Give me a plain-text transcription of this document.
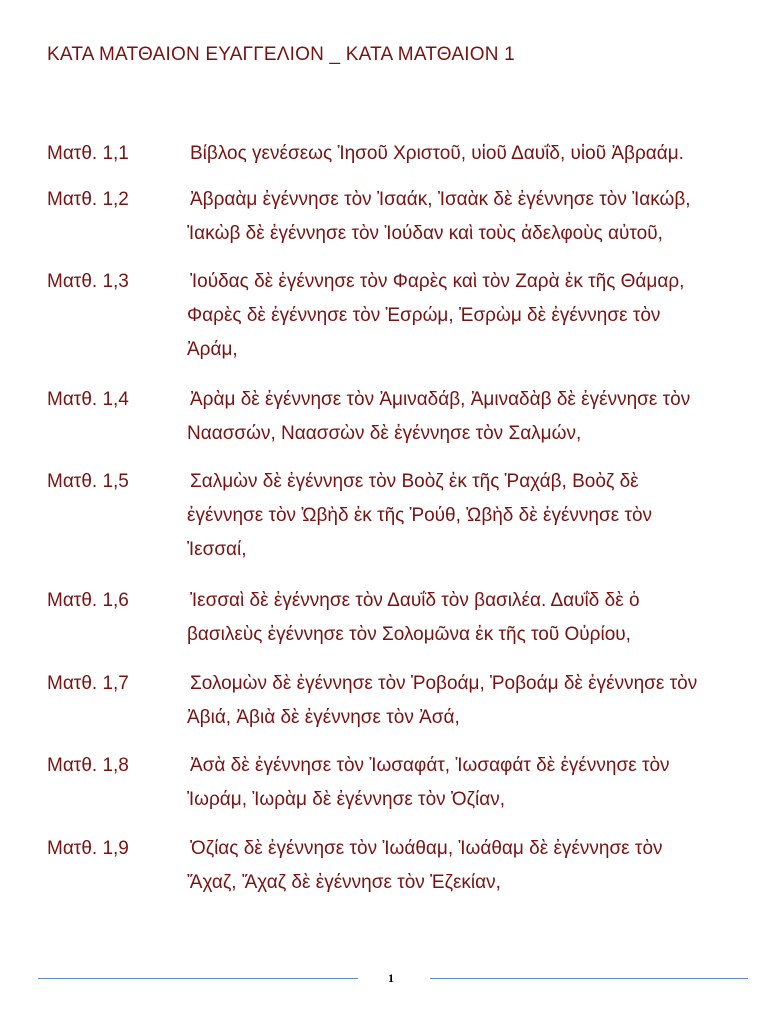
ΚΑΤΑ ΜΑΤΘΑΙΟΝ ΕΥΑΓΓΕΛΙΟΝ _ ΚΑΤΑ ΜΑΤΘΑΙΟΝ 1
Ματθ. 1,1	Βίβλος γενέσεως Ἰησοῦ Χριστοῦ, υἱοῦ Δαυΐδ, υἱοῦ Ἀβραάμ.
Ματθ. 1,2	Ἀβραὰμ ἐγέννησε τὸν Ἰσαάκ, Ἰσαὰκ δὲ ἐγέννησε τὸν Ἰακώβ,
Ἰακὼβ δὲ ἐγέννησε τὸν Ἰούδαν καὶ τοὺς ἀδελφοὺς αὐτοῦ,
Ματθ. 1,3	Ἰούδας δὲ ἐγέννησε τὸν Φαρὲς καὶ τὸν Ζαρὰ ἐκ τῆς Θάμαρ,
Φαρὲς δὲ ἐγέννησε τὸν Ἐσρώμ, Ἐσρὼμ δὲ ἐγέννησε τὸν
Ἀράμ,
Ματθ. 1,4	Ἀρὰμ δὲ ἐγέννησε τὸν Ἀμιναδάβ, Ἀμιναδὰβ δὲ ἐγέννησε τὸν
Ναασσών, Ναασσὼν δὲ ἐγέννησε τὸν Σαλμών,
Ματθ. 1,5	Σαλμὼν δὲ ἐγέννησε τὸν Βοὸζ ἐκ τῆς Ῥαχάβ, Βοὸζ δὲ
ἐγέννησε τὸν Ὠβὴδ ἐκ τῆς Ῥούθ, Ὠβὴδ δὲ ἐγέννησε τὸν
Ἰεσσαί,
Ματθ. 1,6	Ἰεσσαὶ δὲ ἐγέννησε τὸν Δαυΐδ τὸν βασιλέα. Δαυΐδ δὲ ὁ
βασιλεὺς ἐγέννησε τὸν Σολομῶνα ἐκ τῆς τοῦ Οὐρίου,
Ματθ. 1,7	Σολομὼν δὲ ἐγέννησε τὸν Ῥοβοάμ, Ῥοβοάμ δὲ ἐγέννησε τὸν
Ἀβιά, Ἀβιὰ δὲ ἐγέννησε τὸν Ἀσά,
Ματθ. 1,8	Ἀσὰ δὲ ἐγέννησε τὸν Ἰωσαφάτ, Ἰωσαφάτ δὲ ἐγέννησε τὸν
Ἰωράμ, Ἰωρὰμ δὲ ἐγέννησε τὸν Ὀζίαν,
Ματθ. 1,9	Ὀζίας δὲ ἐγέννησε τὸν Ἰωάθαμ, Ἰωάθαμ δὲ ἐγέννησε τὸν
Ἄχαζ, Ἄχαζ δὲ ἐγέννησε τὸν Ἐζεκίαν,
1
